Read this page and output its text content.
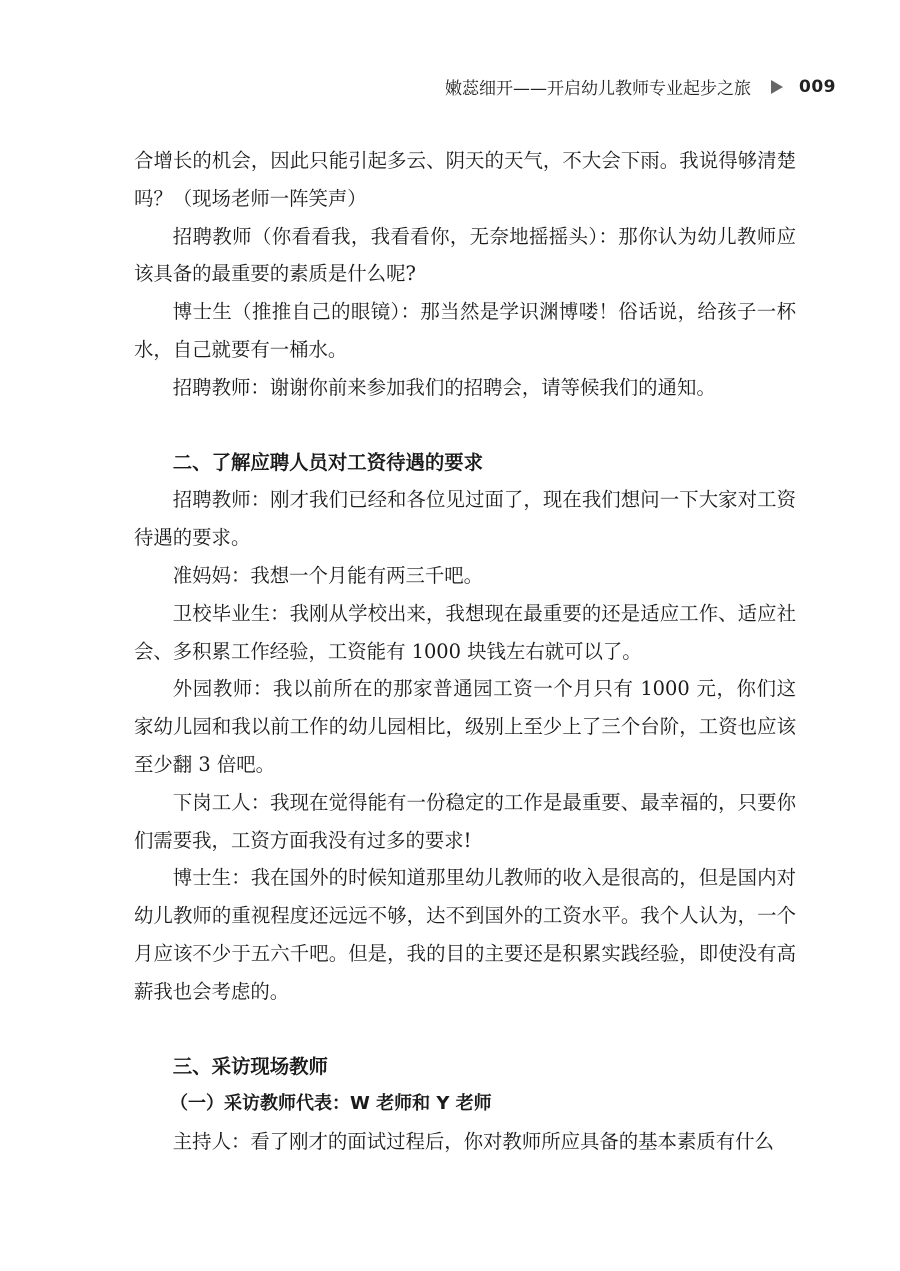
嫩蕊细开——开启幼儿教师专业起步之旅	009

合增长的机会，因此只能引起多云、阴天的天气，不大会下雨。我说得够清楚吗？（现场老师一阵笑声）

招聘教师（你看看我，我看看你，无奈地摇摇头）：那你认为幼儿教师应该具备的最重要的素质是什么呢?

博士生（推推自己的眼镜）：那当然是学识渊博喽！俗话说，给孩子一杯水，自己就要有一桶水。

招聘教师：谢谢你前来参加我们的招聘会，请等候我们的通知。

二、了解应聘人员对工资待遇的要求

招聘教师：刚才我们已经和各位见过面了，现在我们想问一下大家对工资待遇的要求。

准妈妈：我想一个月能有两三千吧。

卫校毕业生：我刚从学校出来，我想现在最重要的还是适应工作、适应社会、多积累工作经验，工资能有 1000 块钱左右就可以了。

外园教师：我以前所在的那家普通园工资一个月只有 1000 元，你们这家幼儿园和我以前工作的幼儿园相比，级别上至少上了三个台阶，工资也应该至少翻 3 倍吧。

下岗工人：我现在觉得能有一份稳定的工作是最重要、最幸福的，只要你们需要我，工资方面我没有过多的要求!

博士生：我在国外的时候知道那里幼儿教师的收入是很高的，但是国内对幼儿教师的重视程度还远远不够，达不到国外的工资水平。我个人认为，一个月应该不少于五六千吧。但是，我的目的主要还是积累实践经验，即使没有高薪我也会考虑的。

三、采访现场教师
（一）采访教师代表：W 老师和 Y 老师

主持人：看了刚才的面试过程后，你对教师所应具备的基本素质有什么
